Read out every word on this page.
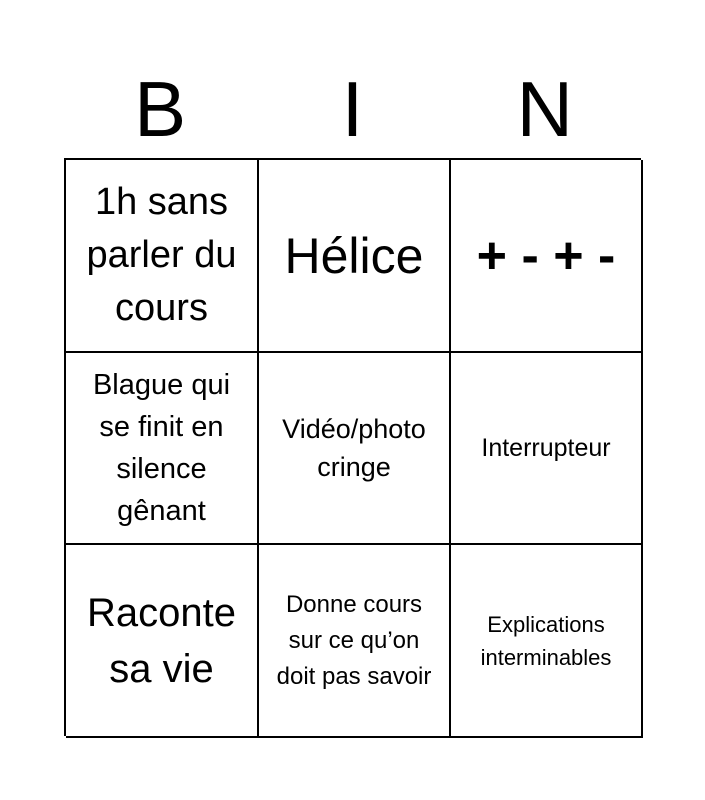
B	I	N
1h sans parler du cours
Hélice + - + -
Blague qui se finit en silence gênant
Vidéo/photo cringe
Interrupteur
Raconte sa vie
Donne cours sur ce qu’on doit pas savoir
Explications interminables
